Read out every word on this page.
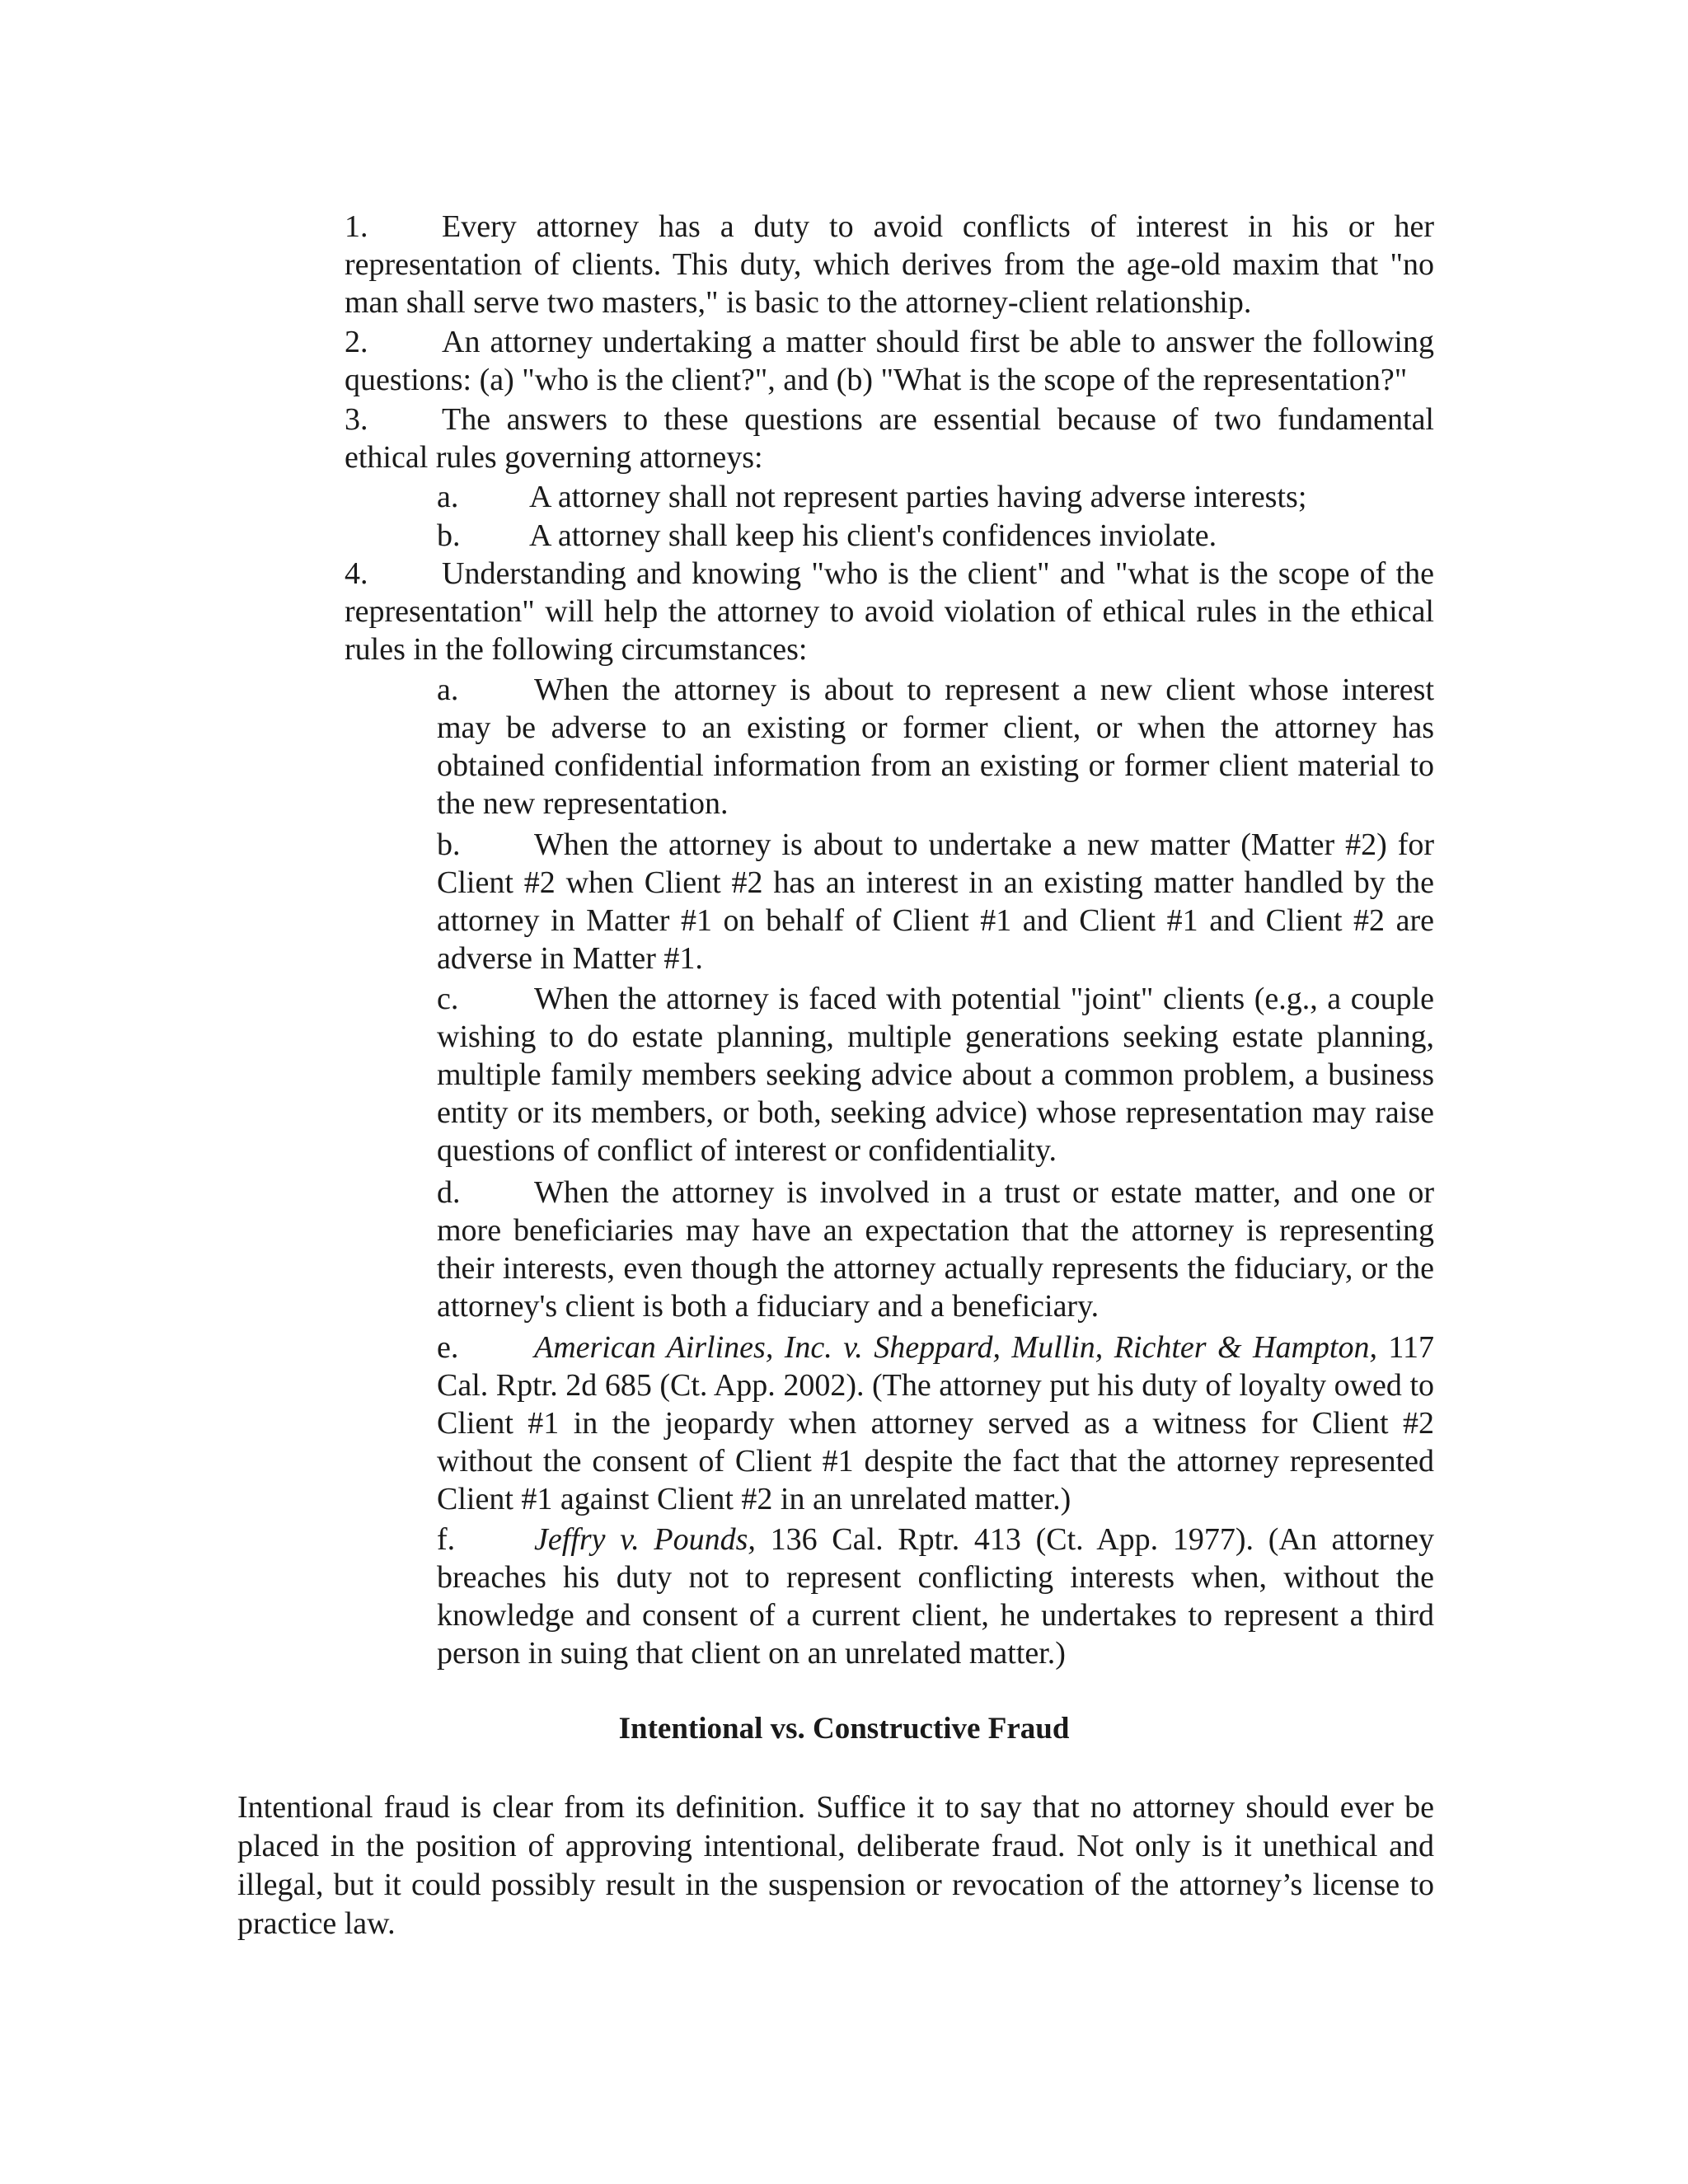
1. Every attorney has a duty to avoid conflicts of interest in his or her representation of clients. This duty, which derives from the age-old maxim that "no man shall serve two masters," is basic to the attorney-client relationship.
2. An attorney undertaking a matter should first be able to answer the following questions: (a) "who is the client?", and (b) "What is the scope of the representation?"
3. The answers to these questions are essential because of two fundamental ethical rules governing attorneys:
a. A attorney shall not represent parties having adverse interests;
b. A attorney shall keep his client's confidences inviolate.
4. Understanding and knowing "who is the client" and "what is the scope of the representation" will help the attorney to avoid violation of ethical rules in the ethical rules in the following circumstances:
a. When the attorney is about to represent a new client whose interest may be adverse to an existing or former client, or when the attorney has obtained confidential information from an existing or former client material to the new representation.
b. When the attorney is about to undertake a new matter (Matter #2) for Client #2 when Client #2 has an interest in an existing matter handled by the attorney in Matter #1 on behalf of Client #1 and Client #1 and Client #2 are adverse in Matter #1.
c. When the attorney is faced with potential "joint" clients (e.g., a couple wishing to do estate planning, multiple generations seeking estate planning, multiple family members seeking advice about a common problem, a business entity or its members, or both, seeking advice) whose representation may raise questions of conflict of interest or confidentiality.
d. When the attorney is involved in a trust or estate matter, and one or more beneficiaries may have an expectation that the attorney is representing their interests, even though the attorney actually represents the fiduciary, or the attorney's client is both a fiduciary and a beneficiary.
e. American Airlines, Inc. v. Sheppard, Mullin, Richter & Hampton, 117 Cal. Rptr. 2d 685 (Ct. App. 2002). (The attorney put his duty of loyalty owed to Client #1 in the jeopardy when attorney served as a witness for Client #2 without the consent of Client #1 despite the fact that the attorney represented Client #1 against Client #2 in an unrelated matter.)
f.	Jeffry v. Pounds, 136 Cal. Rptr. 413 (Ct. App. 1977). (An attorney breaches his duty not to represent conflicting interests when, without the knowledge and consent of a current client, he undertakes to represent a third person in suing that client on an unrelated matter.)
Intentional vs. Constructive Fraud
Intentional fraud is clear from its definition. Suffice it to say that no attorney should ever be placed in the position of approving intentional, deliberate fraud. Not only is it unethical and illegal, but it could possibly result in the suspension or revocation of the attorney’s license to practice law.
